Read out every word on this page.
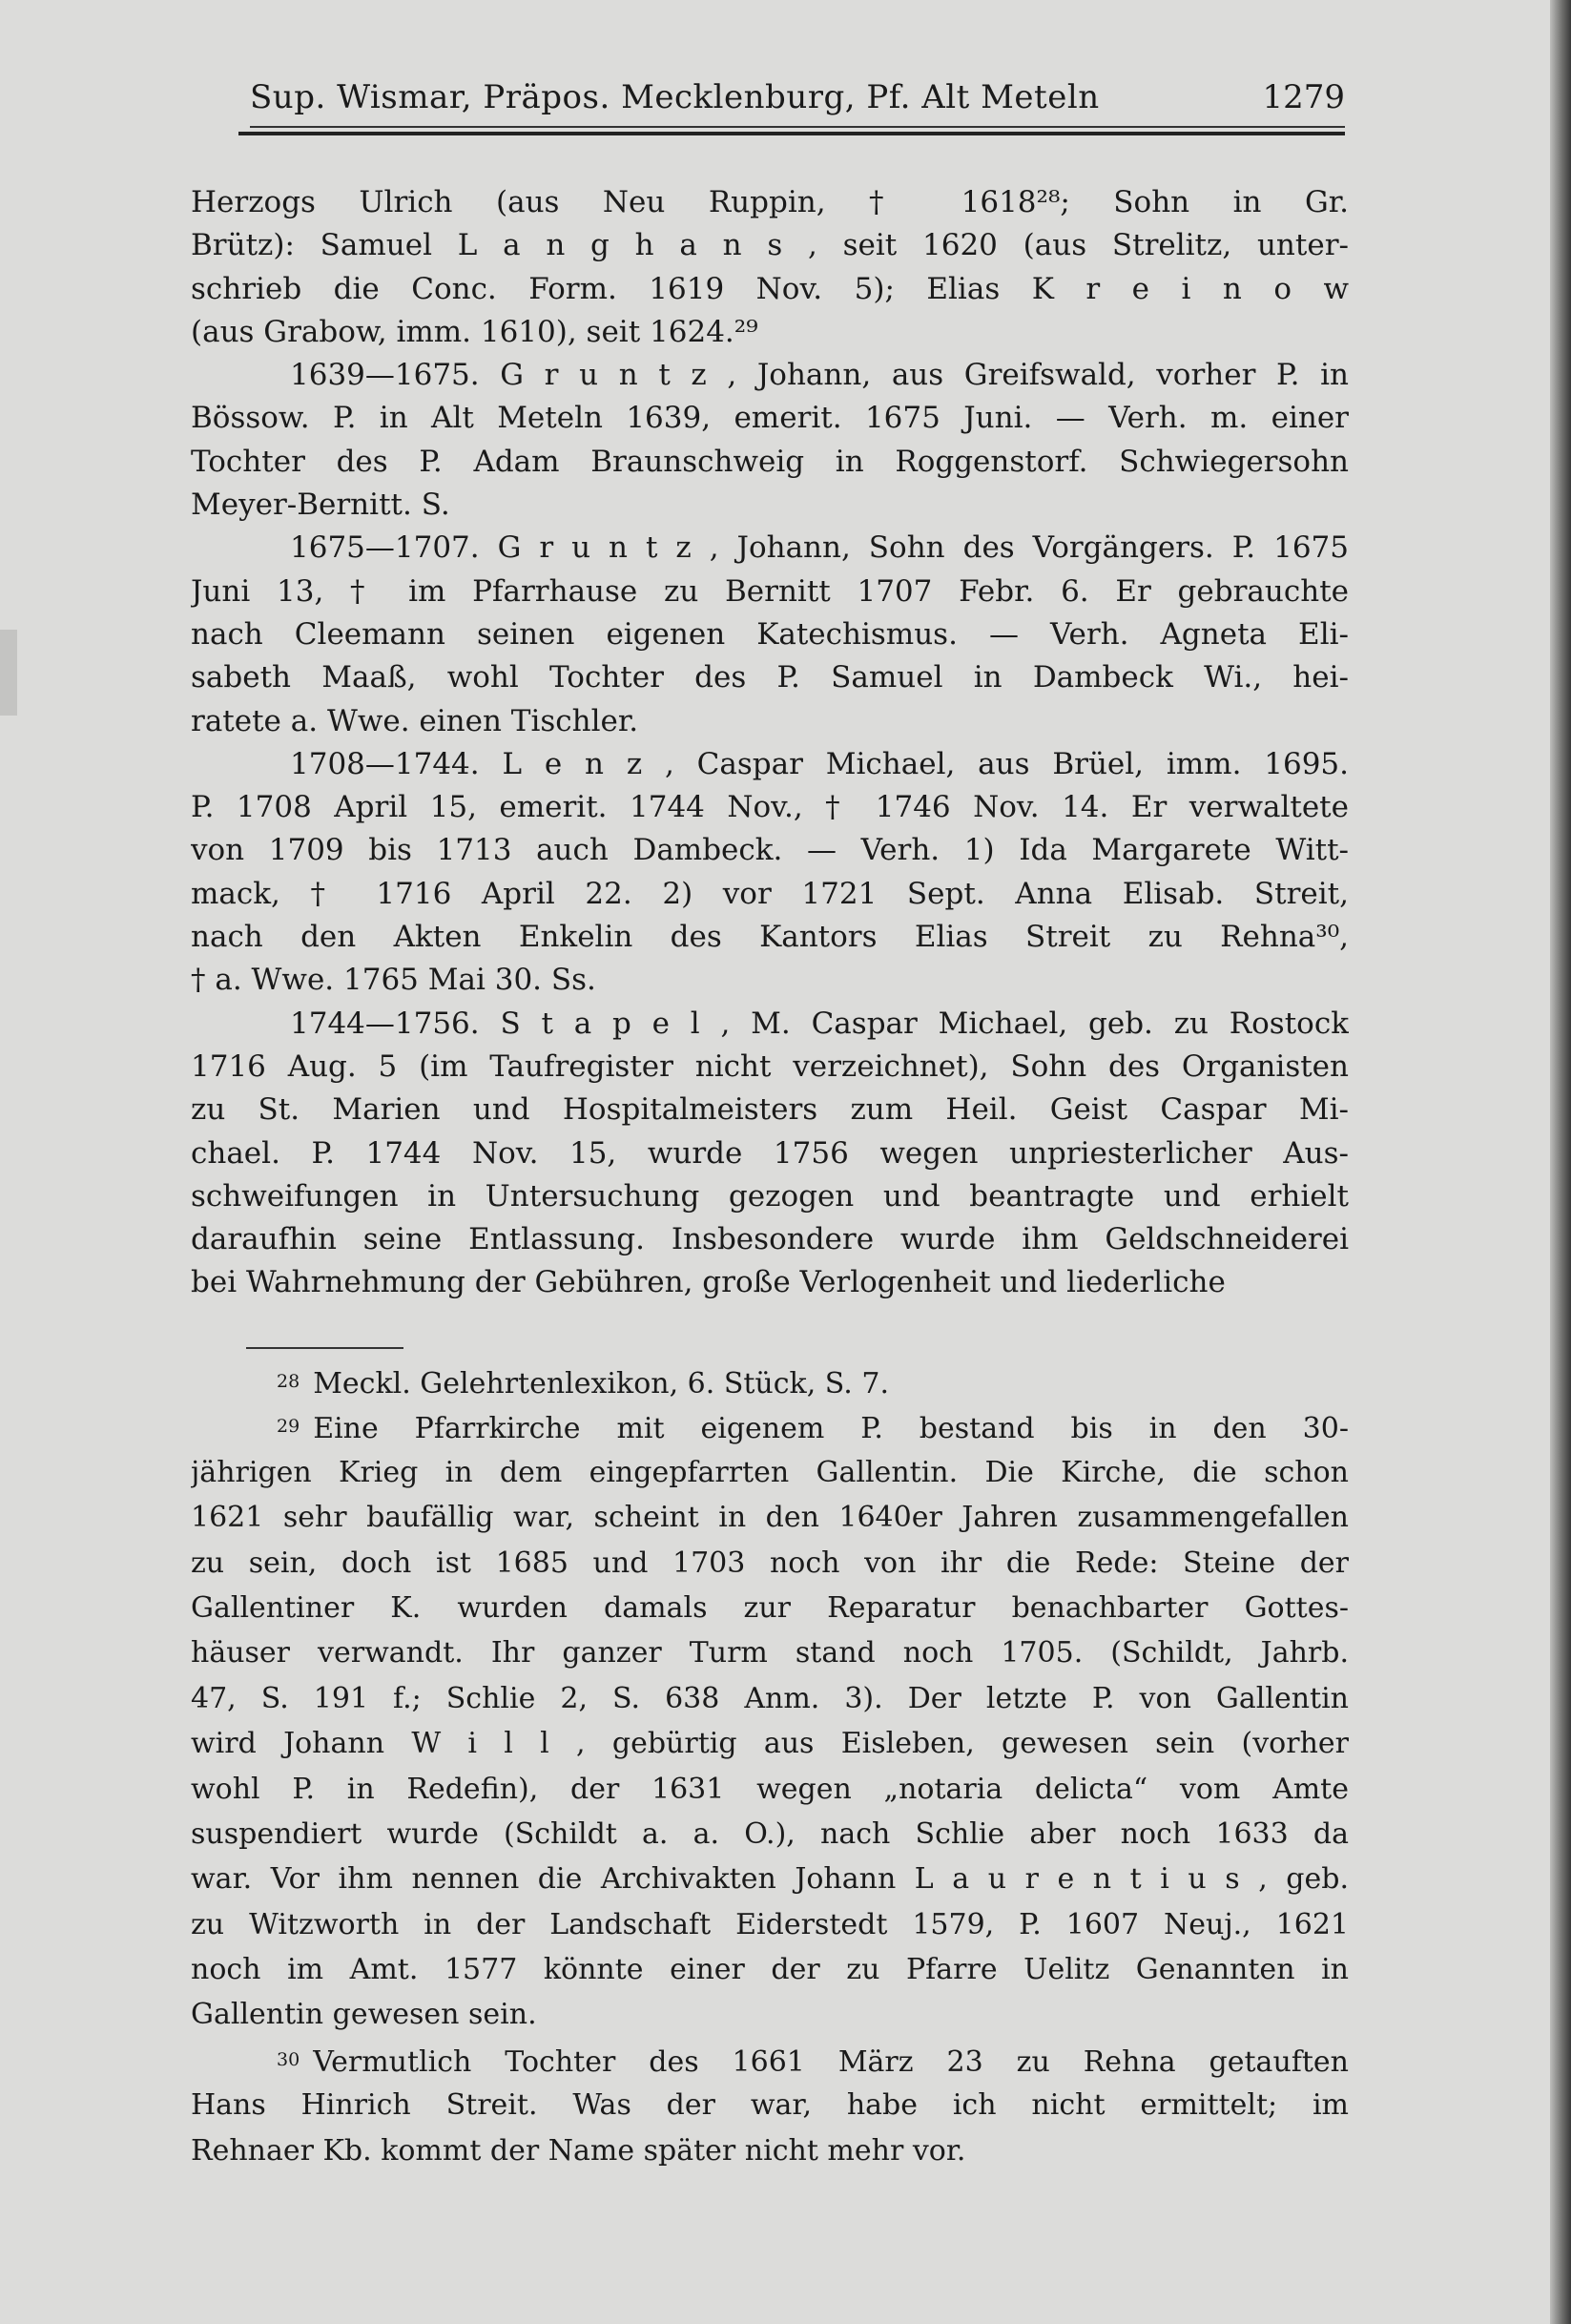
Sup. Wismar, Präpos. Mecklenburg, Pf. Alt Meteln	1279
Herzogs Ulrich (aus Neu Ruppin, † 1618²⁸; Sohn in Gr.
Brütz): Samuel L a n g h a n s , seit 1620 (aus Strelitz, unter-
schrieb die Conc. Form. 1619 Nov. 5); Elias K r e i n o w
(aus Grabow, imm. 1610), seit 1624.²⁹
1639—1675. G r u n t z , Johann, aus Greifswald, vorher P. in
Bössow. P. in Alt Meteln 1639, emerit. 1675 Juni. — Verh. m. einer
Tochter des P. Adam Braunschweig in Roggenstorf. Schwiegersohn
Meyer-Bernitt. S.
1675—1707. G r u n t z , Johann, Sohn des Vorgängers. P. 1675
Juni 13, † im Pfarrhause zu Bernitt 1707 Febr. 6. Er gebrauchte
nach Cleemann seinen eigenen Katechismus. — Verh. Agneta Eli-
sabeth Maaß, wohl Tochter des P. Samuel in Dambeck Wi., hei-
ratete a. Wwe. einen Tischler.
1708—1744. L e n z , Caspar Michael, aus Brüel, imm. 1695.
P. 1708 April 15, emerit. 1744 Nov., † 1746 Nov. 14. Er verwaltete
von 1709 bis 1713 auch Dambeck. — Verh. 1) Ida Margarete Witt-
mack, † 1716 April 22. 2) vor 1721 Sept. Anna Elisab. Streit,
nach den Akten Enkelin des Kantors Elias Streit zu Rehna³⁰,
† a. Wwe. 1765 Mai 30. Ss.
1744—1756. S t a p e l , M. Caspar Michael, geb. zu Rostock
1716 Aug. 5 (im Taufregister nicht verzeichnet), Sohn des Organisten
zu St. Marien und Hospitalmeisters zum Heil. Geist Caspar Mi-
chael. P. 1744 Nov. 15, wurde 1756 wegen unpriesterlicher Aus-
schweifungen in Untersuchung gezogen und beantragte und erhielt
daraufhin seine Entlassung. Insbesondere wurde ihm Geldschneiderei
bei Wahrnehmung der Gebühren, große Verlogenheit und liederliche
$^{28}$ Meckl. Gelehrtenlexikon, 6. Stück, S. 7.
$^{29}$ Eine Pfarrkirche mit eigenem P. bestand bis in den 30-
jährigen Krieg in dem eingepfarrten Gallentin. Die Kirche, die schon
1621 sehr baufällig war, scheint in den 1640er Jahren zusammengefallen
zu sein, doch ist 1685 und 1703 noch von ihr die Rede: Steine der
Gallentiner K. wurden damals zur Reparatur benachbarter Gottes-
häuser verwandt. Ihr ganzer Turm stand noch 1705. (Schildt, Jahrb.
47, S. 191 f.; Schlie 2, S. 638 Anm. 3). Der letzte P. von Gallentin
wird Johann W i l l , gebürtig aus Eisleben, gewesen sein (vorher
wohl P. in Redefin), der 1631 wegen „notaria delicta“ vom Amte
suspendiert wurde (Schildt a. a. O.), nach Schlie aber noch 1633 da
war. Vor ihm nennen die Archivakten Johann L a u r e n t i u s , geb.
zu Witzworth in der Landschaft Eiderstedt 1579, P. 1607 Neuj., 1621
noch im Amt. 1577 könnte einer der zu Pfarre Uelitz Genannten in
Gallentin gewesen sein.
$^{30}$ Vermutlich Tochter des 1661 März 23 zu Rehna getauften
Hans Hinrich Streit. Was der war, habe ich nicht ermittelt; im
Rehnaer Kb. kommt der Name später nicht mehr vor.
